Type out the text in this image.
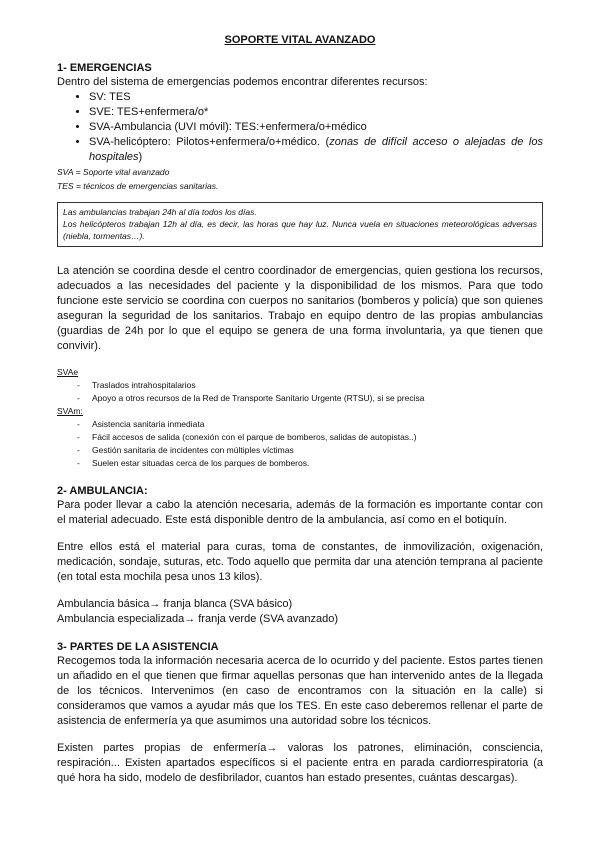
SOPORTE VITAL AVANZADO

1- EMERGENCIAS

Dentro del sistema de emergencias podemos encontrar diferentes recursos:

• SV: TES
• SVE: TES+enfermera/o*
• SVA-Ambulancia (UVI móvil): TES:+enfermera/o+médico
• SVA-helicóptero: Pilotos+enfermera/o+médico. (zonas de difícil acceso o alejadas de los hospitales)
SVA = Soporte vital avanzado
TES = técnicos de emergencias sanitarias.
Las ambulancias trabajan 24h al día todos los días.
Los helicópteros trabajan 12h al día, es decir, las horas que hay luz. Nunca vuela en situaciones meteorológicas adversas (niebla, tormentas…).

La atención se coordina desde el centro coordinador de emergencias, quien gestiona los recursos, adecuados a las necesidades del paciente y la disponibilidad de los mismos. Para que todo funcione este servicio se coordina con cuerpos no sanitarios (bomberos y policía) que son quienes aseguran la seguridad de los sanitarios. Trabajo en equipo dentro de las propias ambulancias (guardias de 24h por lo que el equipo se genera de una forma involuntaria, ya que tienen que convivir).

SVAe

- Traslados intrahospitalarios
- Apoyo a otros recursos de la Red de Transporte Sanitario Urgente (RTSU), si se precisa

SVAm:

- Asistencia sanitaria inmediata
- Fácil accesos de salida (conexión con el parque de bomberos, salidas de autopistas..)
- Gestión sanitaria de incidentes con múltiples víctimas
- Suelen estar situadas cerca de los parques de bomberos.

2- AMBULANCIA:

Para poder llevar a cabo la atención necesaria, además de la formación es importante contar con el material adecuado. Este está disponible dentro de la ambulancia, así como en el botiquín.

Entre ellos está el material para curas, toma de constantes, de inmovilización, oxigenación, medicación, sondaje, suturas, etc. Todo aquello que permita dar una atención temprana al paciente (en total esta mochila pesa unos 13 kilos).

Ambulancia básica→ franja blanca (SVA básico)

Ambulancia especializada→ franja verde (SVA avanzado)

3- PARTES DE LA ASISTENCIA

Recogemos toda la información necesaria acerca de lo ocurrido y del paciente. Estos partes tienen un añadido en el que tienen que firmar aquellas personas que han intervenido antes de la llegada de los técnicos. Intervenimos (en caso de encontramos con la situación en la calle) si consideramos que vamos a ayudar más que los TES. En este caso deberemos rellenar el parte de asistencia de enfermería ya que asumimos una autoridad sobre los técnicos.

Existen partes propias de enfermería→ valoras los patrones, eliminación, consciencia, respiración... Existen apartados específicos si el paciente entra en parada cardiorrespiratoria (a qué hora ha sido, modelo de desfibrilador, cuantos han estado presentes, cuántas descargas).
